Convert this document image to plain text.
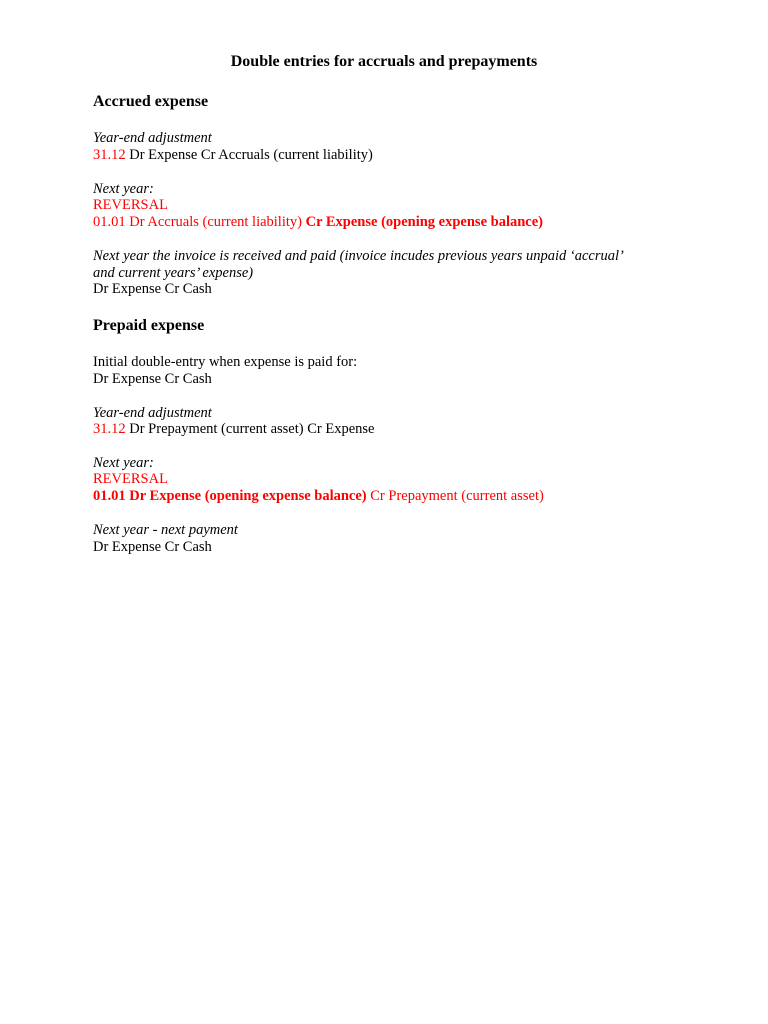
Double entries for accruals and prepayments
Accrued expense

Year-end adjustment

31.12 Dr Expense Cr Accruals (current liability)

Next year:

REVERSAL

01.01 Dr Accruals (current liability) Cr Expense (opening expense balance)

Next year the invoice is received and paid (invoice incudes previous years unpaid ‘accrual’

and current years’ expense)

Dr Expense Cr Cash

Prepaid expense

Initial double-entry when expense is paid for:

Dr Expense Cr Cash

Year-end adjustment

31.12 Dr Prepayment (current asset) Cr Expense

Next year:

REVERSAL

01.01 Dr Expense (opening expense balance) Cr Prepayment (current asset)

Next year - next payment

Dr Expense Cr Cash
